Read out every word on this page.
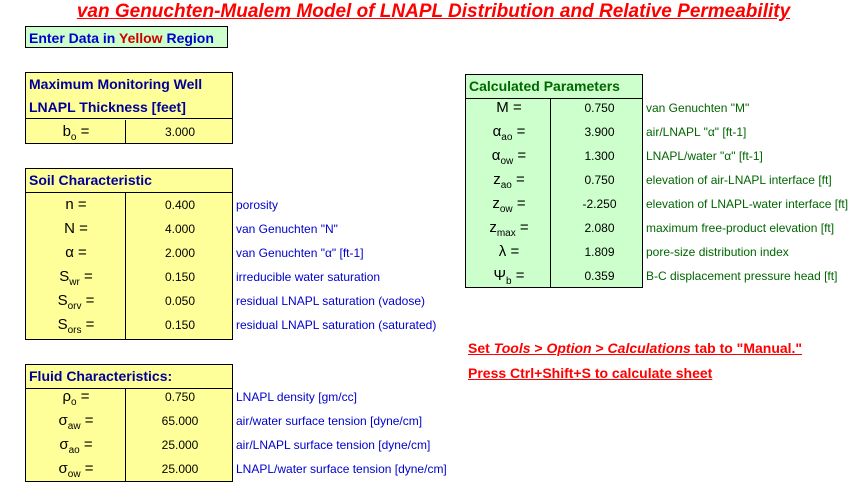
van Genuchten-Mualem Model of LNAPL Distribution and Relative Permeability
Enter Data in Yellow Region
Maximum Monitoring Well
LNAPL Thickness [feet]
$b_o$ =	3.000
Soil Characteristic
n =	0.400	porosity
N =	4.000	van Genuchten "N"
α =	2.000	van Genuchten "α" [ft-1]
$S_{wr}$ =	0.150	irreducible water saturation
$S_{orv}$ =	0.050	residual LNAPL saturation (vadose)
$S_{ors}$ =	0.150	residual LNAPL saturation (saturated)
Fluid Characteristics:
$\rho_o$ =	0.750	LNAPL density [gm/cc]
$\sigma_{aw}$ =	65.000	air/water surface tension [dyne/cm]
$\sigma_{ao}$ =	25.000	air/LNAPL surface tension [dyne/cm]
$\sigma_{ow}$ =	25.000	LNAPL/water surface tension [dyne/cm]
Calculated Parameters
M =	0.750	van Genuchten "M"
$\alpha_{ao}$ =	3.900	air/LNAPL "α" [ft-1]
$\alpha_{ow}$ =	1.300	LNAPL/water "α" [ft-1]
$z_{ao}$ =	0.750	elevation of air-LNAPL interface [ft]
$z_{ow}$ =	-2.250	elevation of LNAPL-water interface [ft]
$z_{max}$ =	2.080	maximum free-product elevation [ft]
λ =	1.809	pore-size distribution index
$\Psi_b$ =	0.359	B-C displacement pressure head [ft]
Set Tools > Option > Calculations tab to "Manual."
Press Ctrl+Shift+S to calculate sheet
